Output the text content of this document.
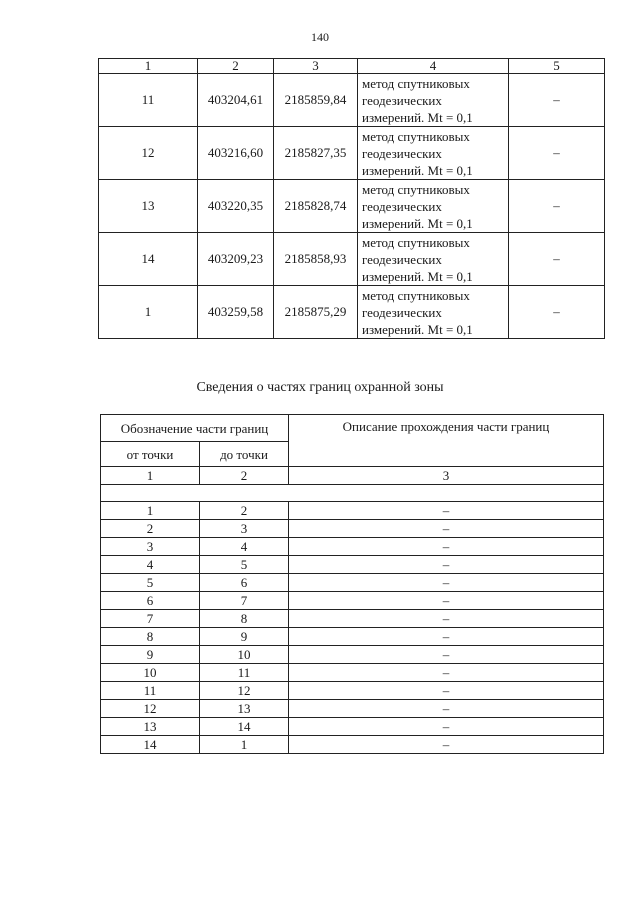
140
1	2	3	4	5
11	403204,61	2185859,84	метод спутниковых
геодезических
измерений. Mt = 0,1	–
12	403216,60	2185827,35	метод спутниковых
геодезических
измерений. Mt = 0,1	–
13	403220,35	2185828,74	метод спутниковых
геодезических
измерений. Mt = 0,1	–
14	403209,23	2185858,93	метод спутниковых
геодезических
измерений. Mt = 0,1	–
1	403259,58	2185875,29	метод спутниковых
геодезических
измерений. Mt = 0,1	–
Сведения о частях границ охранной зоны
Обозначение части границ		Описание прохождения части границ
от точки	до точки	
1	2	3

1	2	–
2	3	–
3	4	–
4	5	–
5	6	–
6	7	–
7	8	–
8	9	–
9	10	–
10	11	–
11	12	–
12	13	–
13	14	–
14	1	–
